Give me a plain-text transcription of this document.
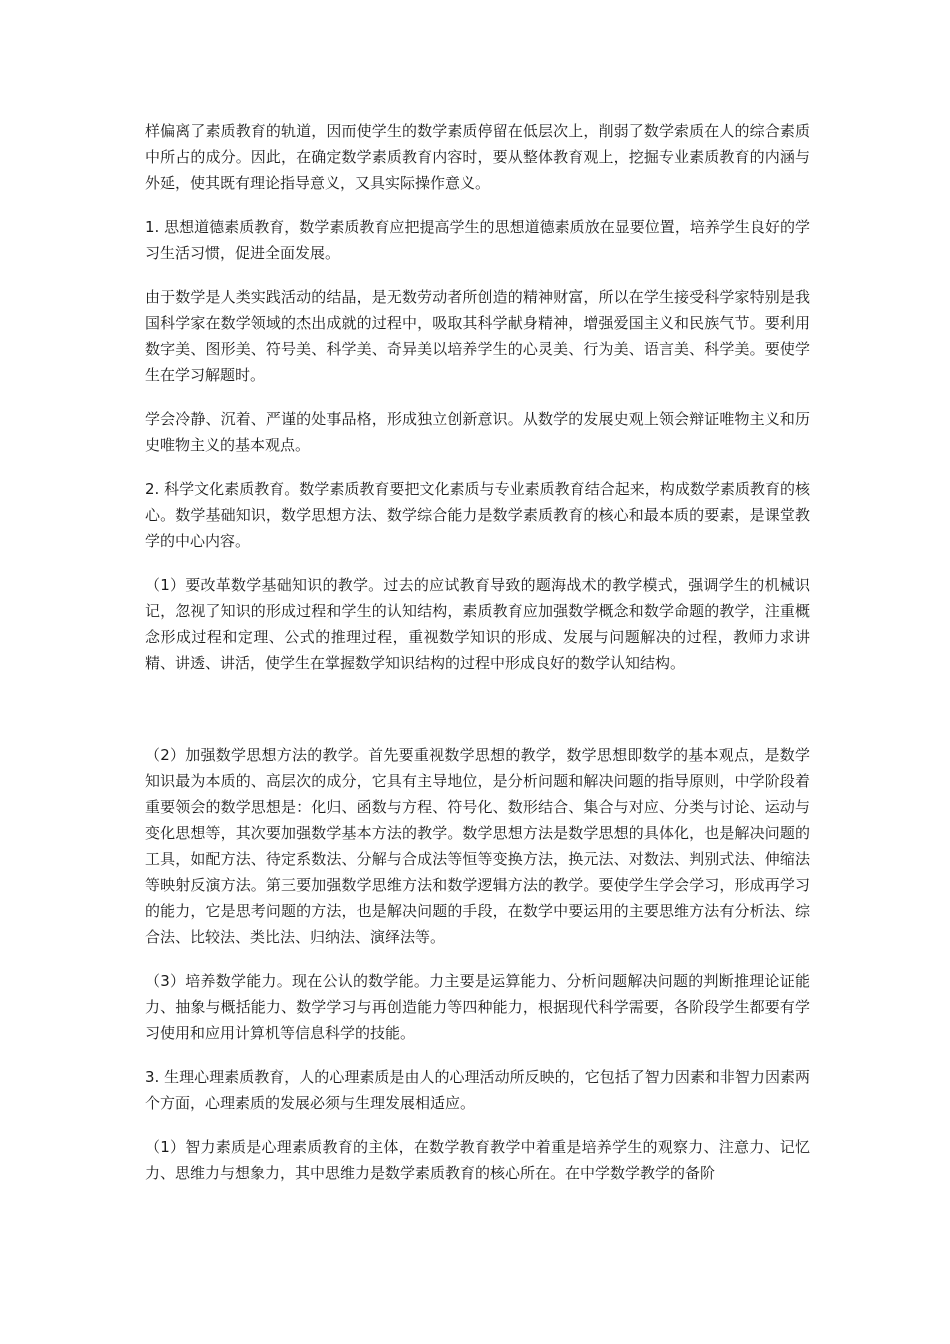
样偏离了素质教育的轨道，因而使学生的数学素质停留在低层次上，削弱了数学索质在人的综合素质中所占的成分。因此，在确定数学素质教育内容时，要从整体教育观上，挖掘专业素质教育的内涵与外延，使其既有理论指导意义，又具实际操作意义。

1. 思想道德素质教育，数学素质教育应把提高学生的思想道德素质放在显要位置，培养学生良好的学习生活习惯，促进全面发展。

由于数学是人类实践活动的结晶，是无数劳动者所创造的精神财富，所以在学生接受科学家特别是我国科学家在数学领域的杰出成就的过程中，吸取其科学献身精神，增强爱国主义和民族气节。要利用数字美、图形美、符号美、科学美、奇异美以培养学生的心灵美、行为美、语言美、科学美。要使学生在学习解题时。

学会冷静、沉着、严谨的处事品格，形成独立创新意识。从数学的发展史观上领会辩证唯物主义和历史唯物主义的基本观点。

2. 科学文化素质教育。数学素质教育要把文化素质与专业素质教育结合起来，构成数学素质教育的核心。数学基础知识，数学思想方法、数学综合能力是数学素质教育的核心和最本质的要素，是课堂教学的中心内容。

（1）要改革数学基础知识的教学。过去的应试教育导致的题海战术的教学模式，强调学生的机械识记，忽视了知识的形成过程和学生的认知结构，素质教育应加强数学概念和数学命题的教学，注重概念形成过程和定理、公式的推理过程，重视数学知识的形成、发展与问题解决的过程，教师力求讲精、讲透、讲活，使学生在掌握数学知识结构的过程中形成良好的数学认知结构。

（2）加强数学思想方法的教学。首先要重视数学思想的教学，数学思想即数学的基本观点，是数学知识最为本质的、高层次的成分，它具有主导地位，是分析问题和解决问题的指导原则，中学阶段着重要领会的数学思想是：化归、函数与方程、符号化、数形结合、集合与对应、分类与讨论、运动与变化思想等，其次要加强数学基本方法的教学。数学思想方法是数学思想的具体化，也是解决问题的工具，如配方法、待定系数法、分解与合成法等恒等变换方法，换元法、对数法、判别式法、伸缩法等映射反演方法。第三要加强数学思维方法和数学逻辑方法的教学。要使学生学会学习，形成再学习的能力，它是思考问题的方法，也是解决问题的手段，在数学中要运用的主要思维方法有分析法、综合法、比较法、类比法、归纳法、演绎法等。

（3）培养数学能力。现在公认的数学能。力主要是运算能力、分析问题解决问题的判断推理论证能力、抽象与概括能力、数学学习与再创造能力等四种能力，根据现代科学需要，各阶段学生都要有学习使用和应用计算机等信息科学的技能。

3. 生理心理素质教育，人的心理素质是由人的心理活动所反映的，它包括了智力因素和非智力因素两个方面，心理素质的发展必须与生理发展相适应。

（1）智力素质是心理素质教育的主体，在数学教育教学中着重是培养学生的观察力、注意力、记忆力、思维力与想象力，其中思维力是数学素质教育的核心所在。在中学数学教学的备阶
